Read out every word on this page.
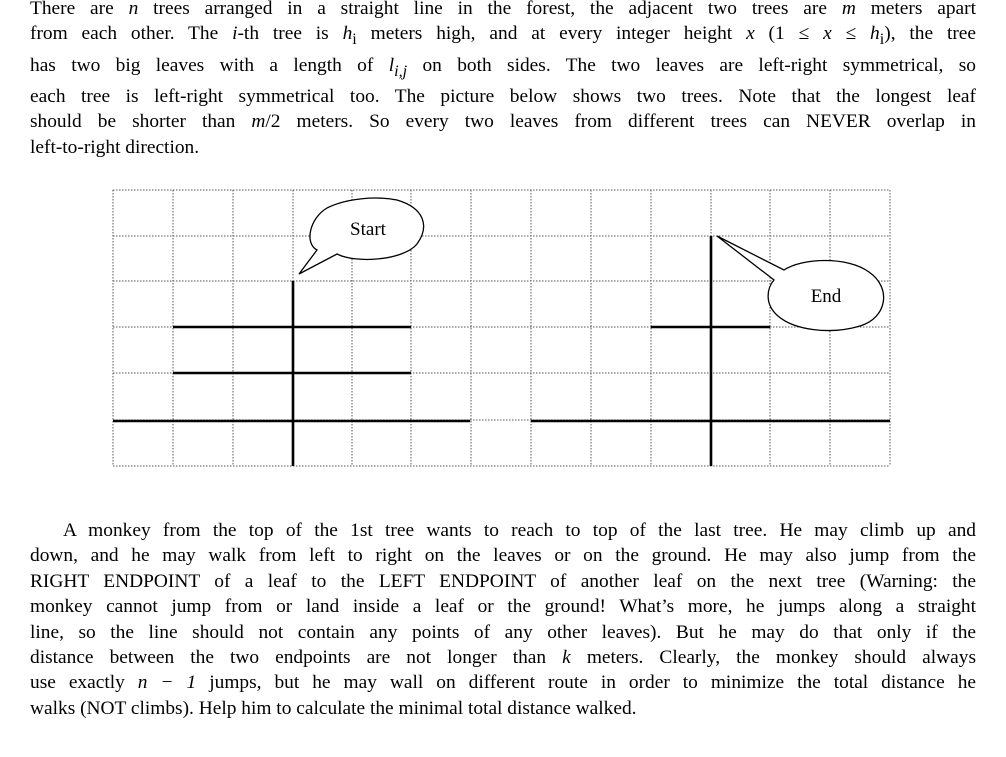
There are n trees arranged in a straight line in the forest, the adjacent two trees are m meters apart
from each other. The i-th tree is $h_i$ meters high, and at every integer height x $(1 \le x \le h_i)$, the tree
has two big leaves with a length of $l_{i,j}$ on both sides. The two leaves are left-right symmetrical, so
each tree is left-right symmetrical too. The picture below shows two trees. Note that the longest leaf
should be shorter than m/2 meters. So every two leaves from different trees can NEVER overlap in
left-to-right direction.
Start
End
A monkey from the top of the 1st tree wants to reach to top of the last tree. He may climb up and
down, and he may walk from left to right on the leaves or on the ground. He may also jump from the
RIGHT ENDPOINT of a leaf to the LEFT ENDPOINT of another leaf on the next tree (Warning: the
monkey cannot jump from or land inside a leaf or the ground! What’s more, he jumps along a straight
line, so the line should not contain any points of any other leaves). But he may do that only if the
distance between the two endpoints are not longer than k meters. Clearly, the monkey should always
use exactly n − 1 jumps, but he may wall on different route in order to minimize the total distance he
walks (NOT climbs). Help him to calculate the minimal total distance walked.
